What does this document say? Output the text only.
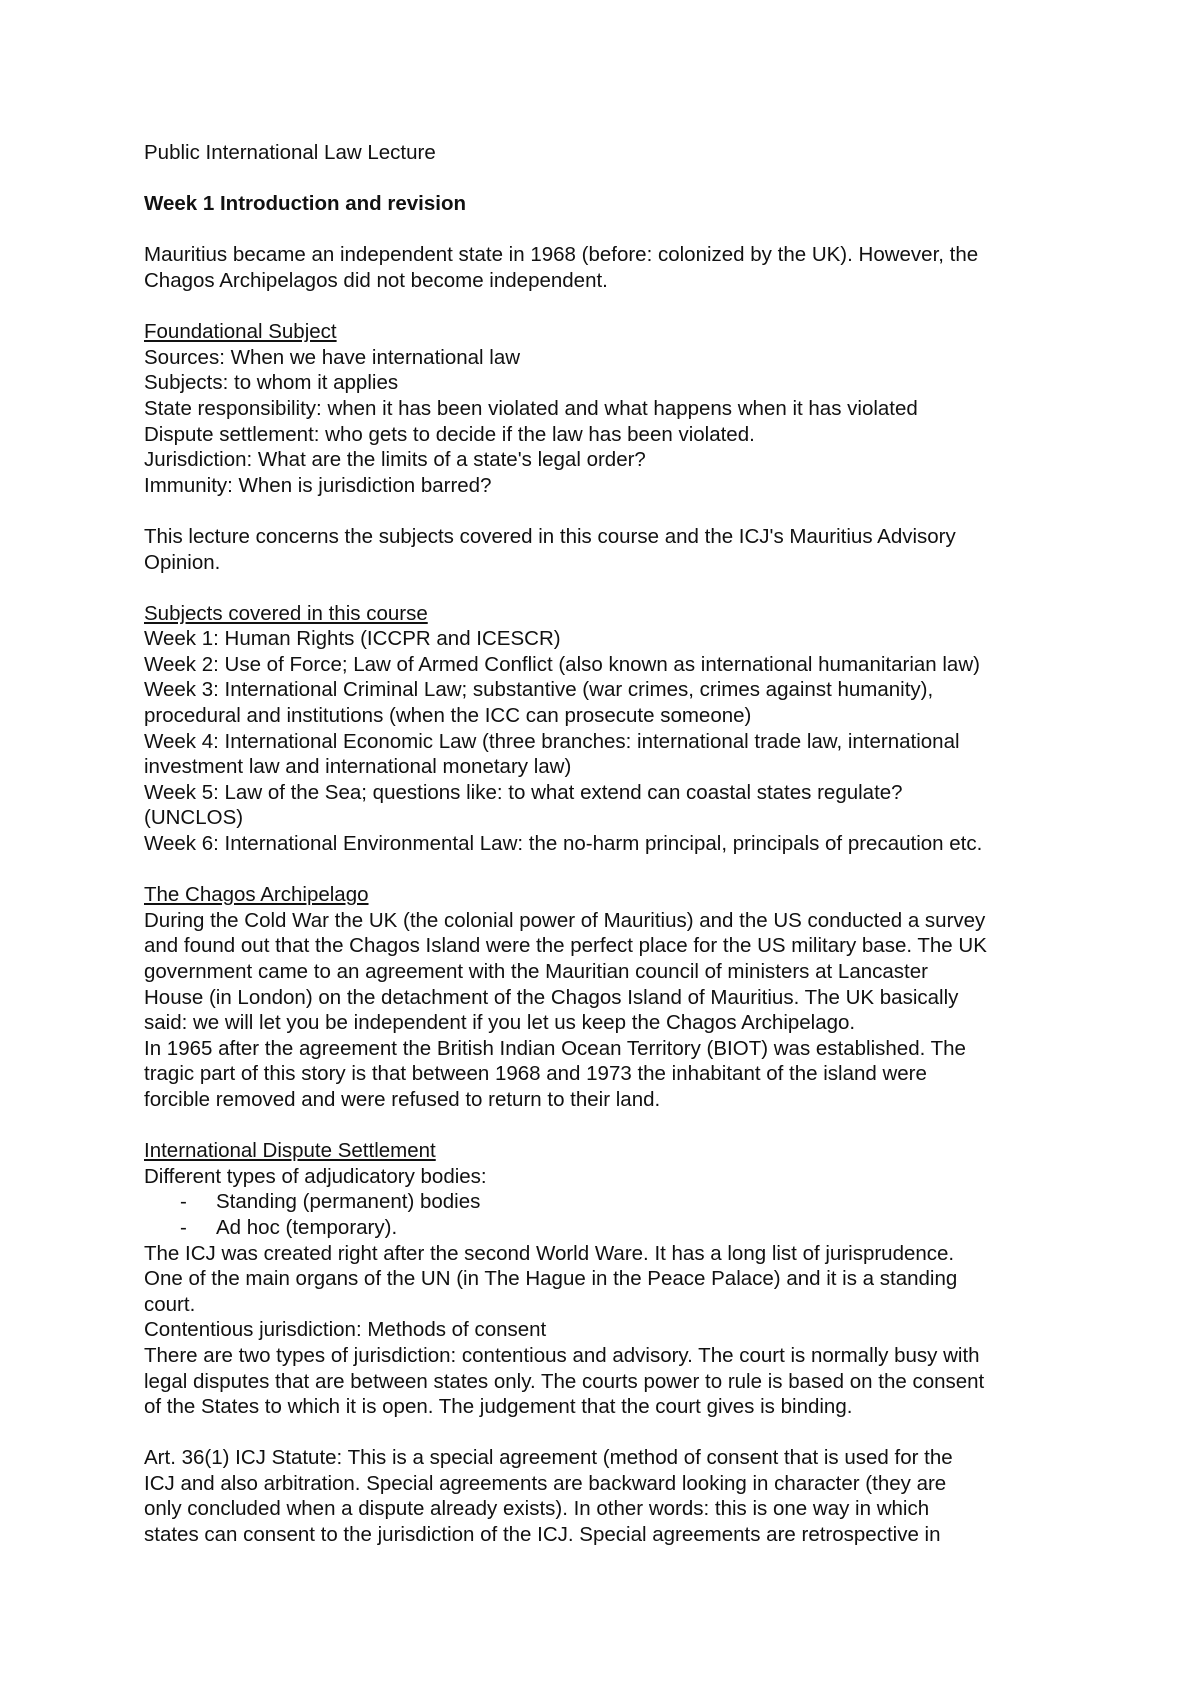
Public International Law Lecture
Week 1 Introduction and revision
Mauritius became an independent state in 1968 (before: colonized by the UK). However, the
Chagos Archipelagos did not become independent.
Foundational Subject
Sources: When we have international law
Subjects: to whom it applies
State responsibility: when it has been violated and what happens when it has violated
Dispute settlement: who gets to decide if the law has been violated.
Jurisdiction: What are the limits of a state's legal order?
Immunity: When is jurisdiction barred?
This lecture concerns the subjects covered in this course and the ICJ's Mauritius Advisory
Opinion.
Subjects covered in this course
Week 1: Human Rights (ICCPR and ICESCR)
Week 2: Use of Force; Law of Armed Conflict (also known as international humanitarian law)
Week 3: International Criminal Law; substantive (war crimes, crimes against humanity),
procedural and institutions (when the ICC can prosecute someone)
Week 4: International Economic Law (three branches: international trade law, international
investment law and international monetary law)
Week 5: Law of the Sea; questions like: to what extend can coastal states regulate?
(UNCLOS)
Week 6: International Environmental Law: the no-harm principal, principals of precaution etc.
The Chagos Archipelago
During the Cold War the UK (the colonial power of Mauritius) and the US conducted a survey
and found out that the Chagos Island were the perfect place for the US military base. The UK
government came to an agreement with the Mauritian council of ministers at Lancaster
House (in London) on the detachment of the Chagos Island of Mauritius. The UK basically
said: we will let you be independent if you let us keep the Chagos Archipelago.
In 1965 after the agreement the British Indian Ocean Territory (BIOT) was established. The
tragic part of this story is that between 1968 and 1973 the inhabitant of the island were
forcible removed and were refused to return to their land.
International Dispute Settlement
Different types of adjudicatory bodies:
- Standing (permanent) bodies
- Ad hoc (temporary).
The ICJ was created right after the second World Ware. It has a long list of jurisprudence.
One of the main organs of the UN (in The Hague in the Peace Palace) and it is a standing
court.
Contentious jurisdiction: Methods of consent
There are two types of jurisdiction: contentious and advisory. The court is normally busy with
legal disputes that are between states only. The courts power to rule is based on the consent
of the States to which it is open. The judgement that the court gives is binding.
Art. 36(1) ICJ Statute: This is a special agreement (method of consent that is used for the
ICJ and also arbitration. Special agreements are backward looking in character (they are
only concluded when a dispute already exists). In other words: this is one way in which
states can consent to the jurisdiction of the ICJ. Special agreements are retrospective in
